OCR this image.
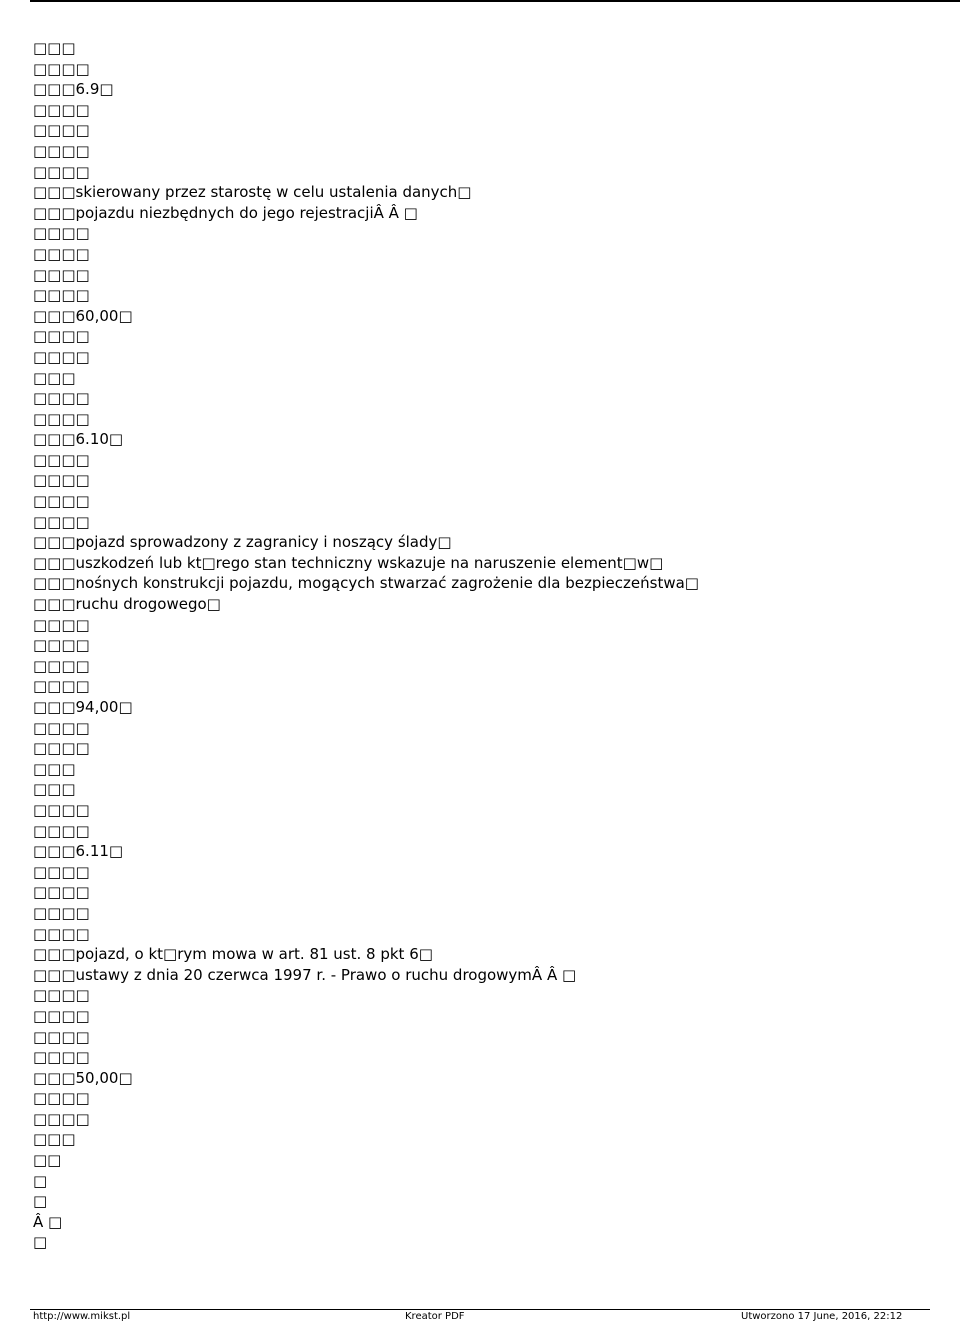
□□□
□□□□
□□□6.9□
□□□□
□□□□
□□□□
□□□□
□□□skierowany przez starostę w celu ustalenia danych□
□□□pojazdu niezbędnych do jego rejestracjiÂ Â □
□□□□
□□□□
□□□□
□□□□
□□□60,00□
□□□□
□□□□
□□□
□□□□
□□□□
□□□6.10□
□□□□
□□□□
□□□□
□□□□
□□□pojazd sprowadzony z zagranicy i noszący ślady□
□□□uszkodzeń lub kt□rego stan techniczny wskazuje na naruszenie element□w□
□□□nośnych konstrukcji pojazdu, mogących stwarzać zagrożenie dla bezpieczeństwa□
□□□ruchu drogowego□
□□□□
□□□□
□□□□
□□□□
□□□94,00□
□□□□
□□□□
□□□
□□□
□□□□
□□□□
□□□6.11□
□□□□
□□□□
□□□□
□□□□
□□□pojazd, o kt□rym mowa w art. 81 ust. 8 pkt 6□
□□□ustawy z dnia 20 czerwca 1997 r. - Prawo o ruchu drogowymÂ Â □
□□□□
□□□□
□□□□
□□□□
□□□50,00□
□□□□
□□□□
□□□
□□
□
□
Â □
□
http://www.mikst.pl	Kreator PDF	Utworzono 17 June, 2016, 22:12
